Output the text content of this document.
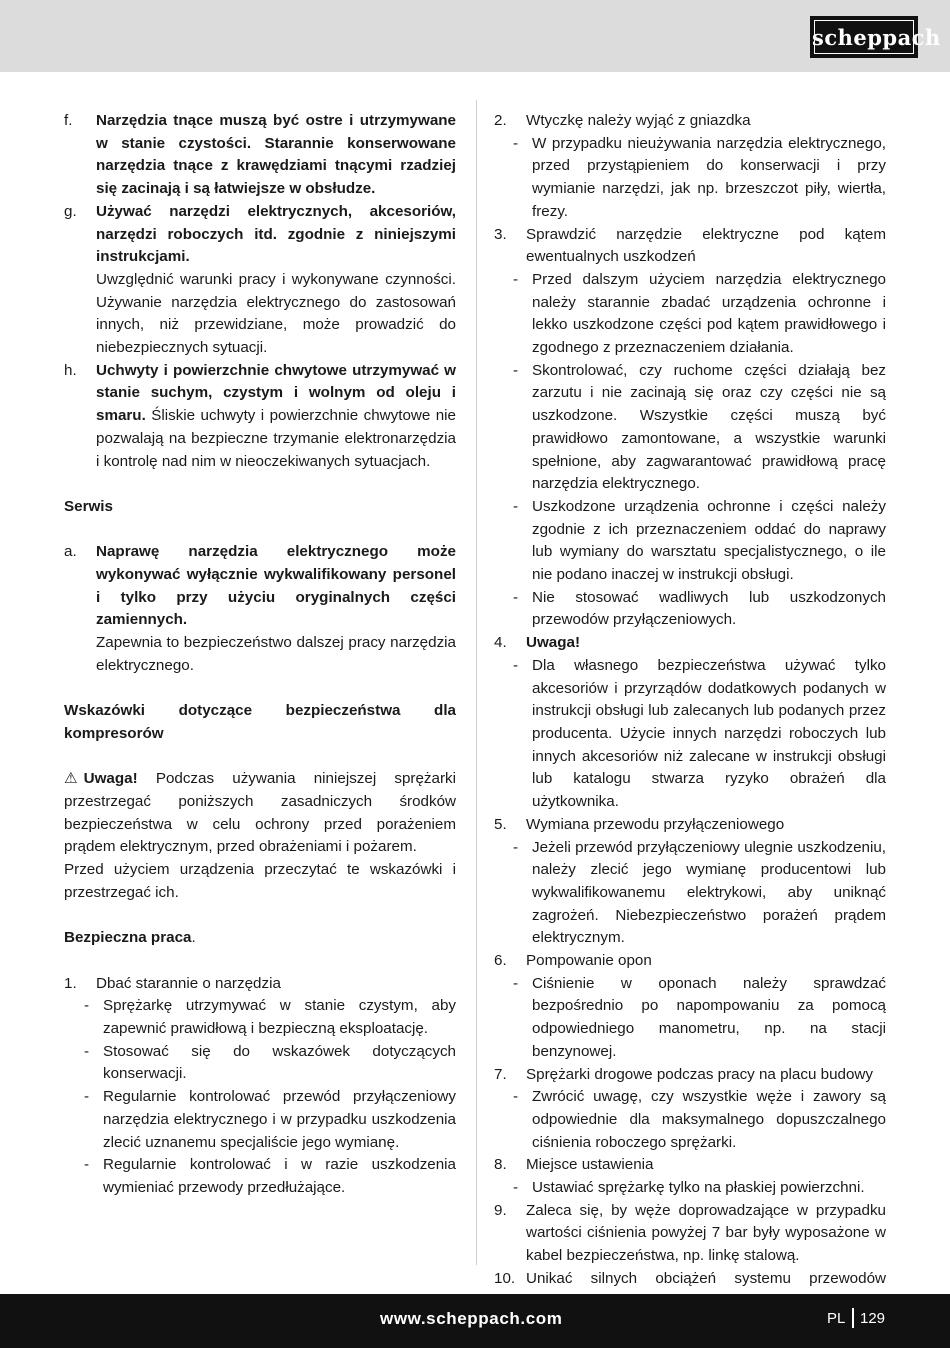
scheppach
f.	Narzędzia tnące muszą być ostre i utrzymywane w stanie czystości. Starannie konserwowane narzędzia tnące z krawędziami tnącymi rzadziej się zacinają i są łatwiejsze w obsłudze.
g.	Używać narzędzi elektrycznych, akcesoriów, narzędzi roboczych itd. zgodnie z niniejszymi instrukcjami.
Uwzględnić warunki pracy i wykonywane czynności. Używanie narzędzia elektrycznego do zastosowań innych, niż przewidziane, może prowadzić do niebezpiecznych sytuacji.
h.	Uchwyty i powierzchnie chwytowe utrzymywać w stanie suchym, czystym i wolnym od oleju i smaru. Śliskie uchwyty i powierzchnie chwytowe nie pozwalają na bezpieczne trzymanie elektronarzędzia i kontrolę nad nim w nieoczekiwanych sytuacjach.
Serwis
a.	Naprawę narzędzia elektrycznego może wykonywać wyłącznie wykwalifikowany personel i tylko przy użyciu oryginalnych części zamiennych.
Zapewnia to bezpieczeństwo dalszej pracy narzędzia elektrycznego.
Wskazówki dotyczące bezpieczeństwa dla kompresorów
⚠ Uwaga! Podczas używania niniejszej sprężarki przestrzegać poniższych zasadniczych środków bezpieczeństwa w celu ochrony przed porażeniem prądem elektrycznym, przed obrażeniami i pożarem.
Przed użyciem urządzenia przeczytać te wskazówki i przestrzegać ich.
Bezpieczna praca.
1.	Dbać starannie o narzędzia
- Sprężarkę utrzymywać w stanie czystym, aby zapewnić prawidłową i bezpieczną eksploatację.
- Stosować się do wskazówek dotyczących konserwacji.
- Regularnie kontrolować przewód przyłączeniowy narzędzia elektrycznego i w przypadku uszkodzenia zlecić uznanemu specjaliście jego wymianę.
- Regularnie kontrolować i w razie uszkodzenia wymieniać przewody przedłużające.
2.	Wtyczkę należy wyjąć z gniazdka
- W przypadku nieużywania narzędzia elektrycznego, przed przystąpieniem do konserwacji i przy wymianie narzędzi, jak np. brzeszczot piły, wiertła, frezy.
3.	Sprawdzić narzędzie elektryczne pod kątem ewentualnych uszkodzeń
- Przed dalszym użyciem narzędzia elektrycznego należy starannie zbadać urządzenia ochronne i lekko uszkodzone części pod kątem prawidłowego i zgodnego z przeznaczeniem działania.
- Skontrolować, czy ruchome części działają bez zarzutu i nie zacinają się oraz czy części nie są uszkodzone. Wszystkie części muszą być prawidłowo zamontowane, a wszystkie warunki spełnione, aby zagwarantować prawidłową pracę narzędzia elektrycznego.
- Uszkodzone urządzenia ochronne i części należy zgodnie z ich przeznaczeniem oddać do naprawy lub wymiany do warsztatu specjalistycznego, o ile nie podano inaczej w instrukcji obsługi.
- Nie stosować wadliwych lub uszkodzonych przewodów przyłączeniowych.
4.	Uwaga!
- Dla własnego bezpieczeństwa używać tylko akcesoriów i przyrządów dodatkowych podanych w instrukcji obsługi lub zalecanych lub podanych przez producenta. Użycie innych narzędzi roboczych lub innych akcesoriów niż zalecane w instrukcji obsługi lub katalogu stwarza ryzyko obrażeń dla użytkownika.
5.	Wymiana przewodu przyłączeniowego
- Jeżeli przewód przyłączeniowy ulegnie uszkodzeniu, należy zlecić jego wymianę producentowi lub wykwalifikowanemu elektrykowi, aby uniknąć zagrożeń. Niebezpieczeństwo porażeń prądem elektrycznym.
6.	Pompowanie opon
- Ciśnienie w oponach należy sprawdzać bezpośrednio po napompowaniu za pomocą odpowiedniego manometru, np. na stacji benzynowej.
7.	Sprężarki drogowe podczas pracy na placu budowy
- Zwrócić uwagę, czy wszystkie węże i zawory są odpowiednie dla maksymalnego dopuszczalnego ciśnienia roboczego sprężarki.
8.	Miejsce ustawienia
- Ustawiać sprężarkę tylko na płaskiej powierzchni.
9.	Zaleca się, by węże doprowadzające w przypadku wartości ciśnienia powyżej 7 bar były wyposażone w kabel bezpieczeństwa, np. linkę stalową.
10. Unikać silnych obciążeń systemu przewodów
www.scheppach.com	PL 129
